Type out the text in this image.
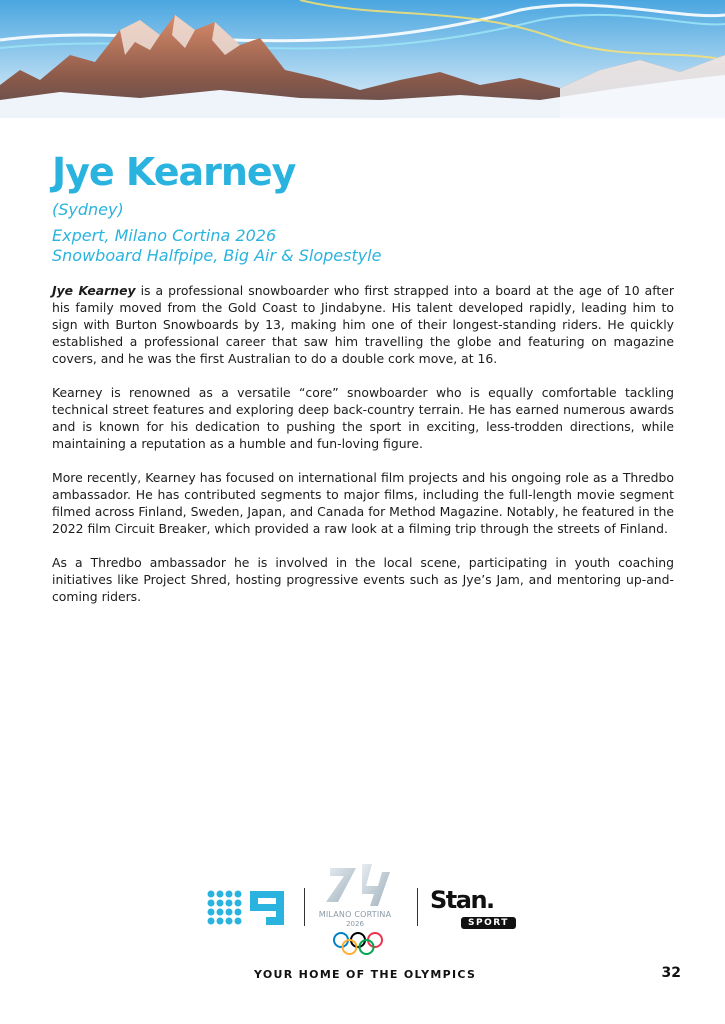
Jye Kearney

(Sydney)

Expert, Milano Cortina 2026

Snowboard Halfpipe, Big Air & Slopestyle

Jye Kearney is a professional snowboarder who first strapped into a board at the age of 10 after his family moved from the Gold Coast to Jindabyne. His talent developed rapidly, leading him to sign with Burton Snowboards by 13, making him one of their longest-standing riders. He quickly established a professional career that saw him travelling the globe and featuring on magazine covers, and he was the first Australian to do a double cork move, at 16.

Kearney is renowned as a versatile “core” snowboarder who is equally comfortable tackling technical street features and exploring deep back-country terrain. He has earned numerous awards and is known for his dedication to pushing the sport in exciting, less-trodden directions, while maintaining a reputation as a humble and fun-loving figure.

More recently, Kearney has focused on international film projects and his ongoing role as a Thredbo ambassador. He has contributed segments to major films, including the full-length movie segment filmed across Finland, Sweden, Japan, and Canada for Method Magazine. Notably, he featured in the 2022 film Circuit Breaker, which provided a raw look at a filming trip through the streets of Finland.

As a Thredbo ambassador he is involved in the local scene, participating in youth coaching initiatives like Project Shred, hosting progressive events such as Jye’s Jam, and mentoring up-and-coming riders.

MILANO CORTINA
2026
Stan.
SPORT
YOUR HOME OF THE OLYMPICS	32
